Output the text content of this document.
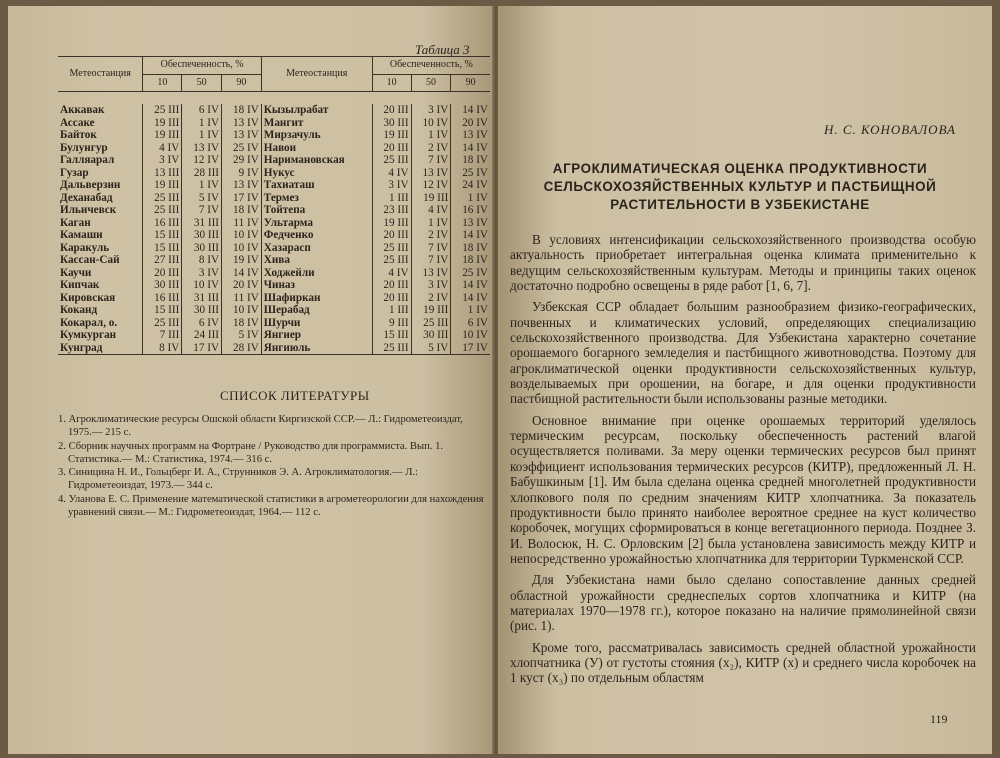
Таблица 3
Метеостанция	Обеспеченность, %			Метеостанция	Обеспеченность, %		
	10	50	90		10	50	90

Аккавак	25 III	6 IV	18 IV	Кызылрабат	20 III	3 IV	14 IV
Ассаке	19 III	1 IV	13 IV	Мангит	30 III	10 IV	20 IV
Байток	19 III	1 IV	13 IV	Мирзачуль	19 III	1 IV	13 IV
Булунгур	4 IV	13 IV	25 IV	Навои	20 III	2 IV	14 IV
Галляарал	3 IV	12 IV	29 IV	Наримановская	25 III	7 IV	18 IV
Гузар	13 III	28 III	9 IV	Нукус	4 IV	13 IV	25 IV
Дальверзин	19 III	1 IV	13 IV	Тахиаташ	3 IV	12 IV	24 IV
Деханабад	25 III	5 IV	17 IV	Термез	1 III	19 III	1 IV
Ильичевск	25 III	7 IV	18 IV	Тойтепа	23 III	4 IV	16 IV
Каган	16 III	31 III	11 IV	Ультарма	19 III	1 IV	13 IV
Камаши	15 III	30 III	10 IV	Федченко	20 III	2 IV	14 IV
Каракуль	15 III	30 III	10 IV	Хазарасп	25 III	7 IV	18 IV
Кассан-Сай	27 III	8 IV	19 IV	Хива	25 III	7 IV	18 IV
Каучи	20 III	3 IV	14 IV	Ходжейли	4 IV	13 IV	25 IV
Кипчак	30 III	10 IV	20 IV	Чиназ	20 III	3 IV	14 IV
Кировская	16 III	31 III	11 IV	Шафиркан	20 III	2 IV	14 IV
Коканд	15 III	30 III	10 IV	Шерабад	1 III	19 III	1 IV
Кокарал, о.	25 III	6 IV	18 IV	Шурчи	9 III	25 III	6 IV
Кумкурган	7 III	24 III	5 IV	Янгиер	15 III	30 III	10 IV
Кунград	8 IV	17 IV	28 IV	Янгиюль	25 III	5 IV	17 IV
СПИСОК ЛИТЕРАТУРЫ
1. Агроклиматические ресурсы Ошской области Киргизской ССР.— Л.: Гидрометеоиздат, 1975.— 215 с.
2. Сборник научных программ на Фортране / Руководство для программиста. Вып. 1. Статистика.— М.: Статистика, 1974.— 316 с.
3. Синицина Н. И., Гольцберг И. А., Струнников Э. А. Агроклиматология.— Л.: Гидрометеоиздат, 1973.— 344 с.
4. Уланова Е. С. Применение математической статистики в агрометеорологии для нахождения уравнений связи.— М.: Гидрометеоиздат, 1964.— 112 с.
Н. С. КОНОВАЛОВА
АГРОКЛИМАТИЧЕСКАЯ ОЦЕНКА ПРОДУКТИВНОСТИ
СЕЛЬСКОХОЗЯЙСТВЕННЫХ КУЛЬТУР И ПАСТБИЩНОЙ
РАСТИТЕЛЬНОСТИ В УЗБЕКИСТАНЕ

В условиях интенсификации сельскохозяйственного производства особую актуальность приобретает интегральная оценка климата применительно к ведущим сельскохозяйственным культурам. Методы и принципы таких оценок достаточно подробно освещены в ряде работ [1, 6, 7].

Узбекская ССР обладает большим разнообразием физико-географических, почвенных и климатических условий, определяющих специализацию сельскохозяйственного производства. Для Узбекистана характерно сочетание орошаемого богарного земледелия и пастбищного животноводства. Поэтому для агроклиматической оценки продуктивности сельскохозяйственных культур, возделываемых при орошении, на богаре, и для оценки продуктивности пастбищной растительности были использованы разные методики.

Основное внимание при оценке орошаемых территорий уделялось термическим ресурсам, поскольку обеспеченность растений влагой осуществляется поливами. За меру оценки термических ресурсов был принят коэффициент использования термических ресурсов (КИТР), предложенный Л. Н. Бабушкиным [1]. Им была сделана оценка средней многолетней продуктивности хлопкового поля по средним значениям КИТР хлопчатника. За показатель продуктивности было принято наиболее вероятное среднее на куст количество коробочек, могущих сформироваться в конце вегетационного периода. Позднее З. И. Волосюк, Н. С. Орловским [2] была установлена зависимость между КИТР и непосредственно урожайностью хлопчатника для территории Туркменской ССР.

Для Узбекистана нами было сделано сопоставление данных средней областной урожайности среднеспелых сортов хлопчатника и КИТР (на материалах 1970—1978 гг.), которое показано на наличие прямолинейной связи (рис. 1).

Кроме того, рассматривалась зависимость средней областной урожайности хлопчатника (У) от густоты стояния (x₂), КИТР (x) и среднего числа коробочек на 1 куст (x₃) по отдельным областям

119
